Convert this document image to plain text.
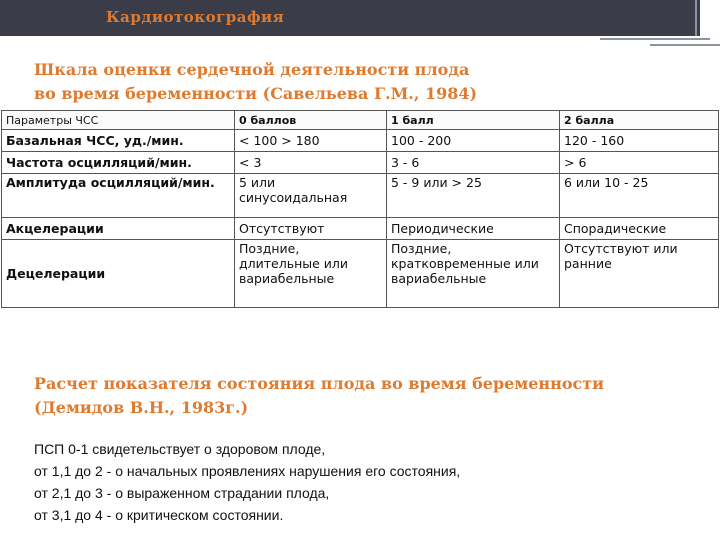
Кардиотокография
Шкала оценки сердечной деятельности плода
во время беременности (Савельева Г.М., 1984)
Параметры ЧСС	0 баллов	1 балл	2 балла
Базальная ЧСС, уд./мин.	< 100 > 180	100 - 200	120 - 160
Частота осцилляций/мин.	< 3	3 - 6	> 6
Амплитуда осцилляций/мин.	5 или синусоидальная	5 - 9 или > 25	6 или 10 - 25
Акцелерации	Отсутствуют	Периодические	Спорадические
Децелерации	Поздние, длительные или вариабельные	Поздние, кратковременные или вариабельные	Отсутствуют или ранние
Расчет показателя состояния плода во время беременности
(Демидов В.Н., 1983г.)
ПСП 0-1 свидетельствует о здоровом плоде,
от 1,1 до 2 - о начальных проявлениях нарушения его состояния,
от 2,1 до 3 - о выраженном страдании плода,
от 3,1 до 4 - о критическом состоянии.
